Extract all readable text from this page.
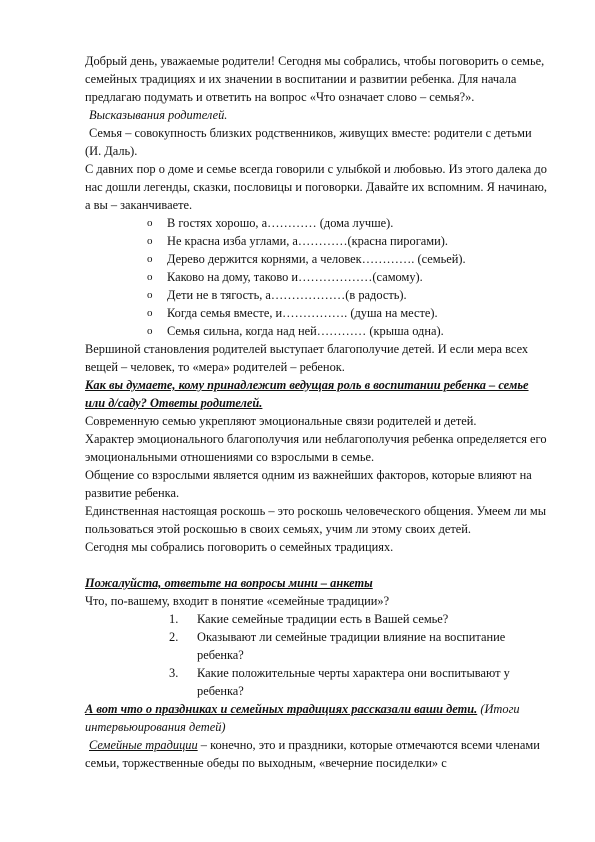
Добрый день, уважаемые родители! Сегодня мы собрались, чтобы поговорить о семье, семейных традициях и их значении в воспитании и развитии ребенка. Для начала предлагаю подумать и ответить на вопрос «Что означает слово – семья?».

Высказывания родителей.

Семья – совокупность близких родственников, живущих вместе: родители с детьми (И. Даль).

С давних пор о доме и семье всегда говорили с улыбкой и любовью. Из этого далека до нас дошли легенды, сказки, пословицы и поговорки. Давайте их вспомним. Я начинаю, а вы – заканчиваете.

o В гостях хорошо, а………… (дома лучше).
o Не красна изба углами, а…………(красна пирогами).
o Дерево держится корнями, а человек…………. (семьей).
o Каково на дому, таково и………………(самому).
o Дети не в тягость, а………………(в радость).
o Когда семья вместе, и……………. (душа на месте).
o Семья сильна, когда над ней………… (крыша одна).

Вершиной становления родителей выступает благополучие детей. И если мера всех вещей – человек, то «мера» родителей – ребенок.

Как вы думаете, кому принадлежит ведущая роль в воспитании ребенка – семье или д/саду? Ответы родителей.

Современную семью укрепляют эмоциональные связи родителей и детей.

Характер эмоционального благополучия или неблагополучия ребенка определяется его эмоциональными отношениями со взрослыми в семье.

Общение со взрослыми является одним из важнейших факторов, которые влияют на развитие ребенка.

Единственная настоящая роскошь – это роскошь человеческого общения. Умеем ли мы пользоваться этой роскошью в своих семьях, учим ли этому своих детей.

Сегодня мы собрались поговорить о семейных традициях.

Пожалуйста, ответьте на вопросы мини – анкеты

Что, по-вашему, входит в понятие «семейные традиции»?

1. Какие семейные традиции есть в Вашей семье?
2. Оказывают ли семейные традиции влияние на воспитание ребенка?
3. Какие положительные черты характера они воспитывают у ребенка?

А вот что о праздниках и семейных традициях рассказали ваши дети. (Итоги интервьюирования детей)

Семейные традиции – конечно, это и праздники, которые отмечаются всеми членами семьи, торжественные обеды по выходным, «вечерние посиделки» с
